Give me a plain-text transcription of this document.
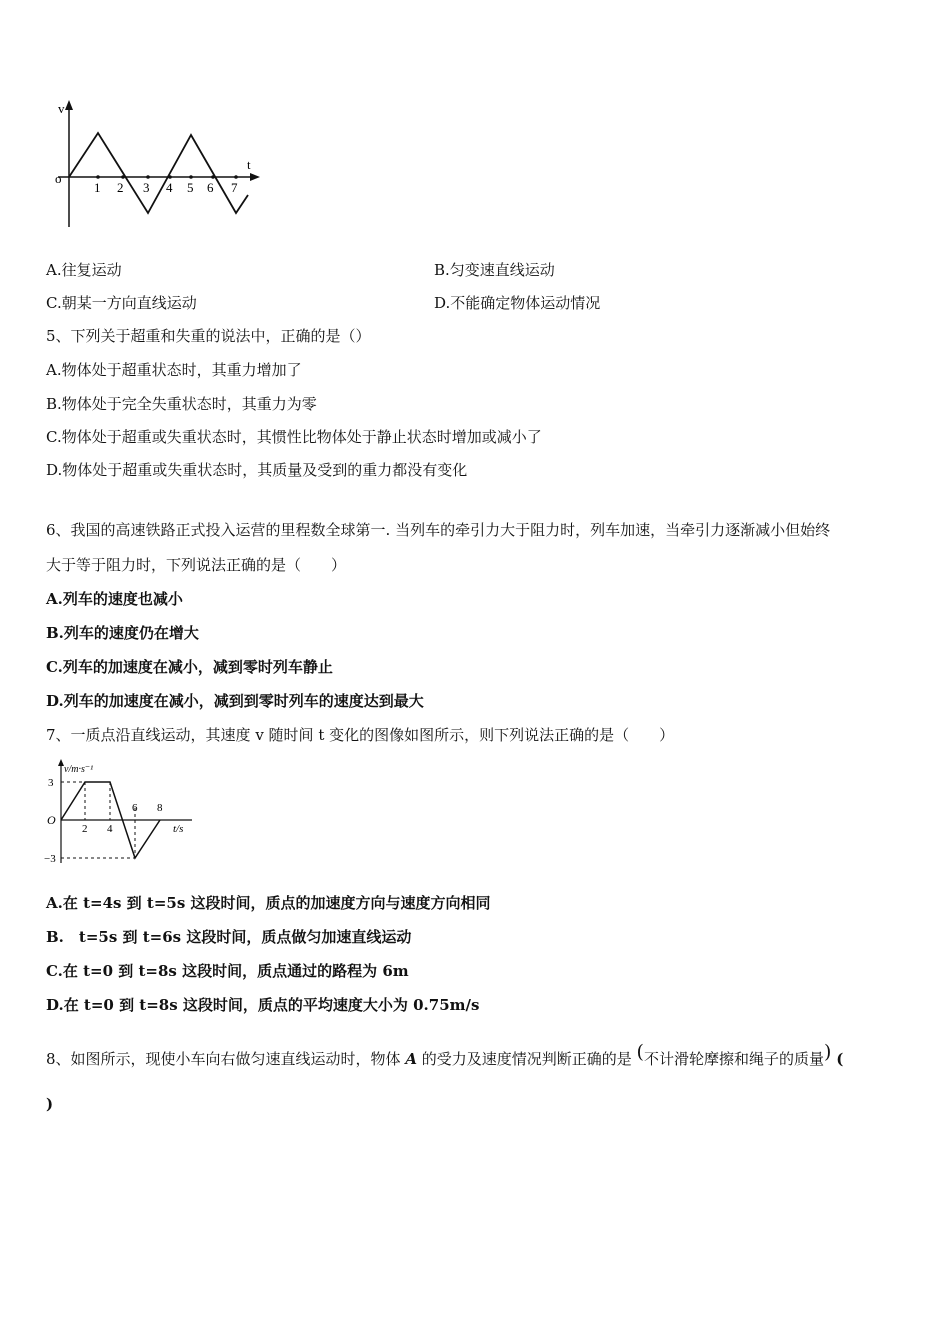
v
t
o
1 2 3 4 5 6 7
A.往复运动	B.匀变速直线运动
C.朝某一方向直线运动	D.不能确定物体运动情况
5、下列关于超重和失重的说法中，正确的是（）
A.物体处于超重状态时，其重力增加了
B.物体处于完全失重状态时，其重力为零
C.物体处于超重或失重状态时，其惯性比物体处于静止状态时增加或减小了
D.物体处于超重或失重状态时，其质量及受到的重力都没有变化
6、我国的高速铁路正式投入运营的里程数全球第一. 当列车的牵引力大于阻力时，列车加速，当牵引力逐渐减小但始终
大于等于阻力时，下列说法正确的是（　　）
A.列车的速度也减小
B.列车的速度仍在增大
C.列车的加速度在减小，减到零时列车静止
D.列车的加速度在减小，减到到零时列车的速度达到最大
7、一质点沿直线运动，其速度 v 随时间 t 变化的图像如图所示，则下列说法正确的是（　　）
v/m·s⁻¹
t/s
O
3
−3
2 4
6 8
A.在 t=4s 到 t=5s 这段时间，质点的加速度方向与速度方向相同
B.　t=5s 到 t=6s 这段时间，质点做匀加速直线运动
C.在 t=0 到 t=8s 这段时间，质点通过的路程为 6m
D.在 t=0 到 t=8s 这段时间，质点的平均速度大小为 0.75m/s
8、如图所示，现使小车向右做匀速直线运动时，物体 A 的受力及速度情况判断正确的是 (不计滑轮摩擦和绳子的质量) (
)
